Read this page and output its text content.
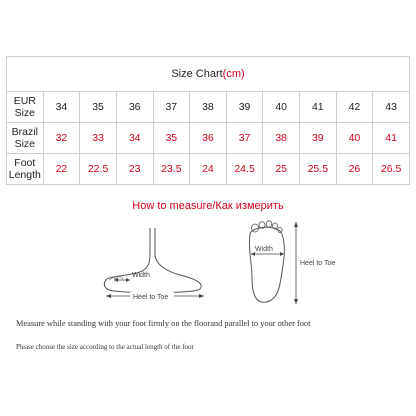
Size Chart(cm)										
EUR Size	34	35	36	37	38	39	40	41	42	43
Brazil Size	32	33	34	35	36	37	38	39	40	41
Foot Length	22	22.5	23	23.5	24	24.5	25	25.5	26	26.5
How to measure/Как измерить
Width
Heel to Toe
Width
Heel to Toe
Measure while standing with your foot firmly on the floorand parallel to your other foot
Please choose the size according to the actual length of the foot
